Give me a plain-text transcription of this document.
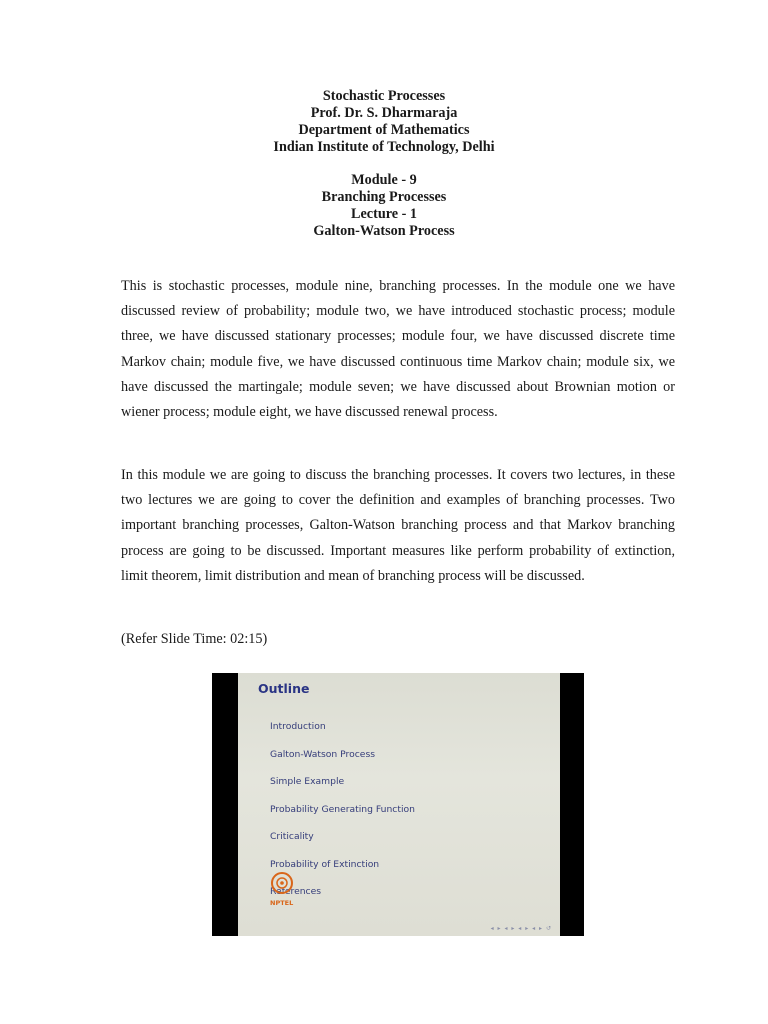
Stochastic Processes
Prof. Dr. S. Dharmaraja
Department of Mathematics
Indian Institute of Technology, Delhi
Module - 9
Branching Processes
Lecture - 1
Galton-Watson Process

This is stochastic processes, module nine, branching processes. In the module one we have discussed review of probability; module two, we have introduced stochastic process; module three, we have discussed stationary processes; module four, we have discussed discrete time Markov chain; module five, we have discussed continuous time Markov chain; module six, we have discussed the martingale; module seven; we have discussed about Brownian motion or wiener process; module eight, we have discussed renewal process.

In this module we are going to discuss the branching processes. It covers two lectures, in these two lectures we are going to cover the definition and examples of branching processes. Two important branching processes, Galton-Watson branching process and that Markov branching process are going to be discussed. Important measures like perform probability of extinction, limit theorem, limit distribution and mean of branching process will be discussed.

(Refer Slide Time: 02:15)

Outline
Introduction
Galton-Watson Process
Simple Example
Probability Generating Function
Criticality
Probability of Extinction
References
NPTEL
◂ ▸ ◂ ▸ ◂ ▸ ◂ ▸ ↺
